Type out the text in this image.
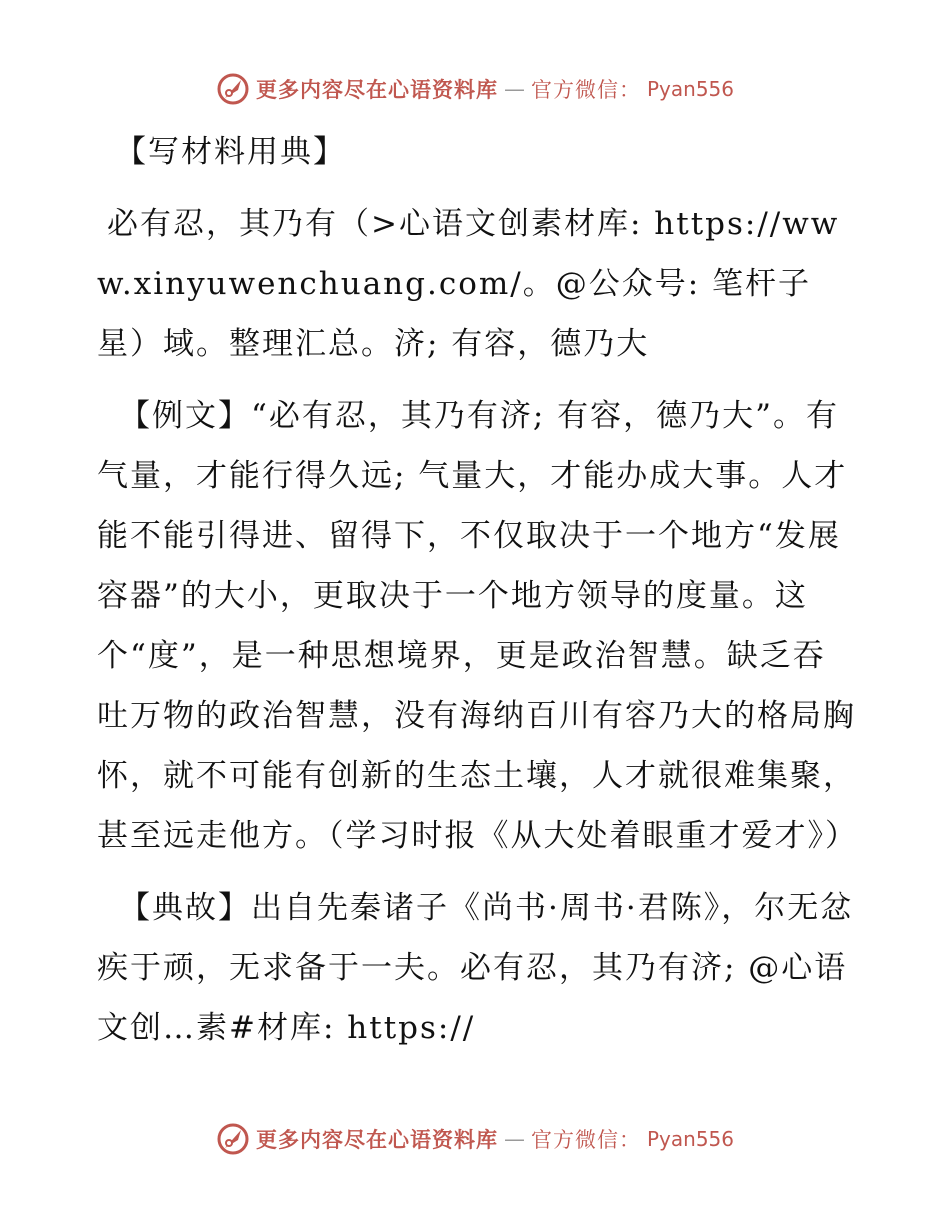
更多内容尽在心语资料库 — 官方微信： Pyan556

【写材料用典】

必有忍，其乃有（>心语文创素材库: https://www.xinyuwenchuang.com/。@公众号: 笔杆子星）域。整理汇总。济; 有容，德乃大

【例文】“必有忍，其乃有济; 有容，德乃大”。有气量，才能行得久远; 气量大，才能办成大事。人才能不能引得进、留得下，不仅取决于一个地方“发展容器”的大小，更取决于一个地方领导的度量。这个“度”，是一种思想境界，更是政治智慧。缺乏吞吐万物的政治智慧，没有海纳百川有容乃大的格局胸怀，就不可能有创新的生态土壤，人才就很难集聚，甚至远走他方。（学习时报《从大处着眼重才爱才》）

【典故】出自先秦诸子《尚书·周书·君陈》，尔无忿疾于顽，无求备于一夫。必有忍，其乃有济; @心语文创…素#材库: https://

更多内容尽在心语资料库 — 官方微信： Pyan556
